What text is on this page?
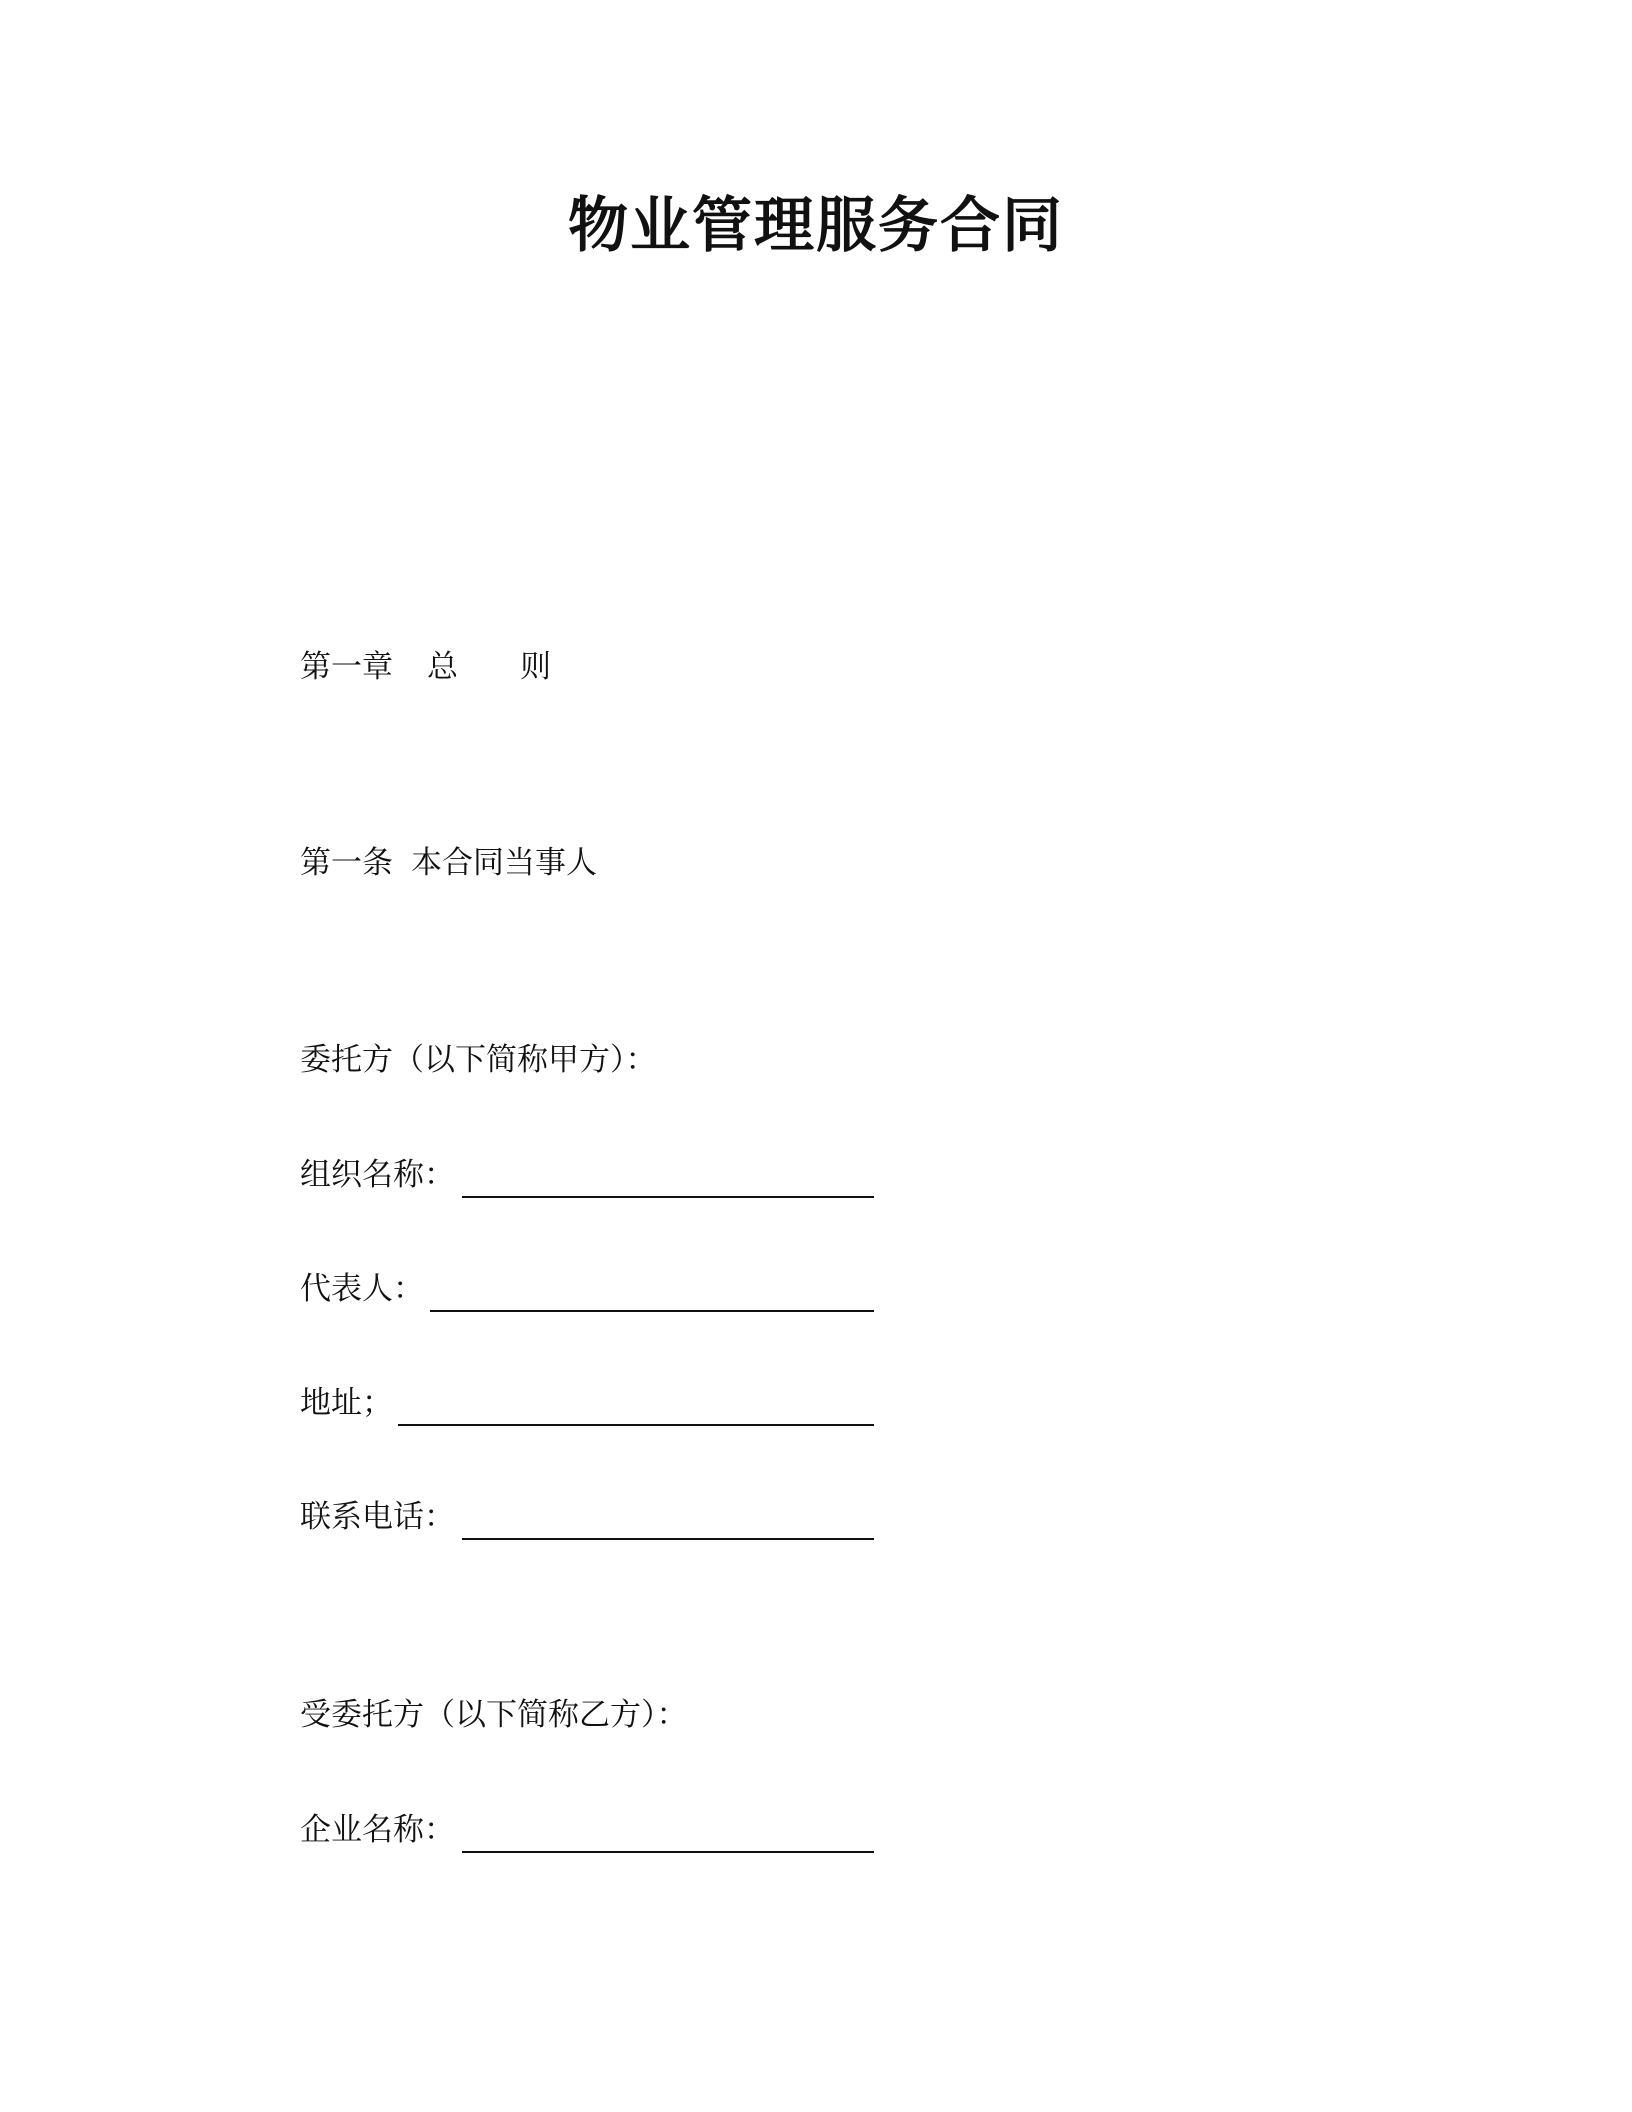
物业管理服务合同
第一章 总 则
第一条 本合同当事人
委托方（以下简称甲方）：
组织名称：
代表人：
地址；
联系电话：
受委托方（以下简称乙方）：
企业名称：
